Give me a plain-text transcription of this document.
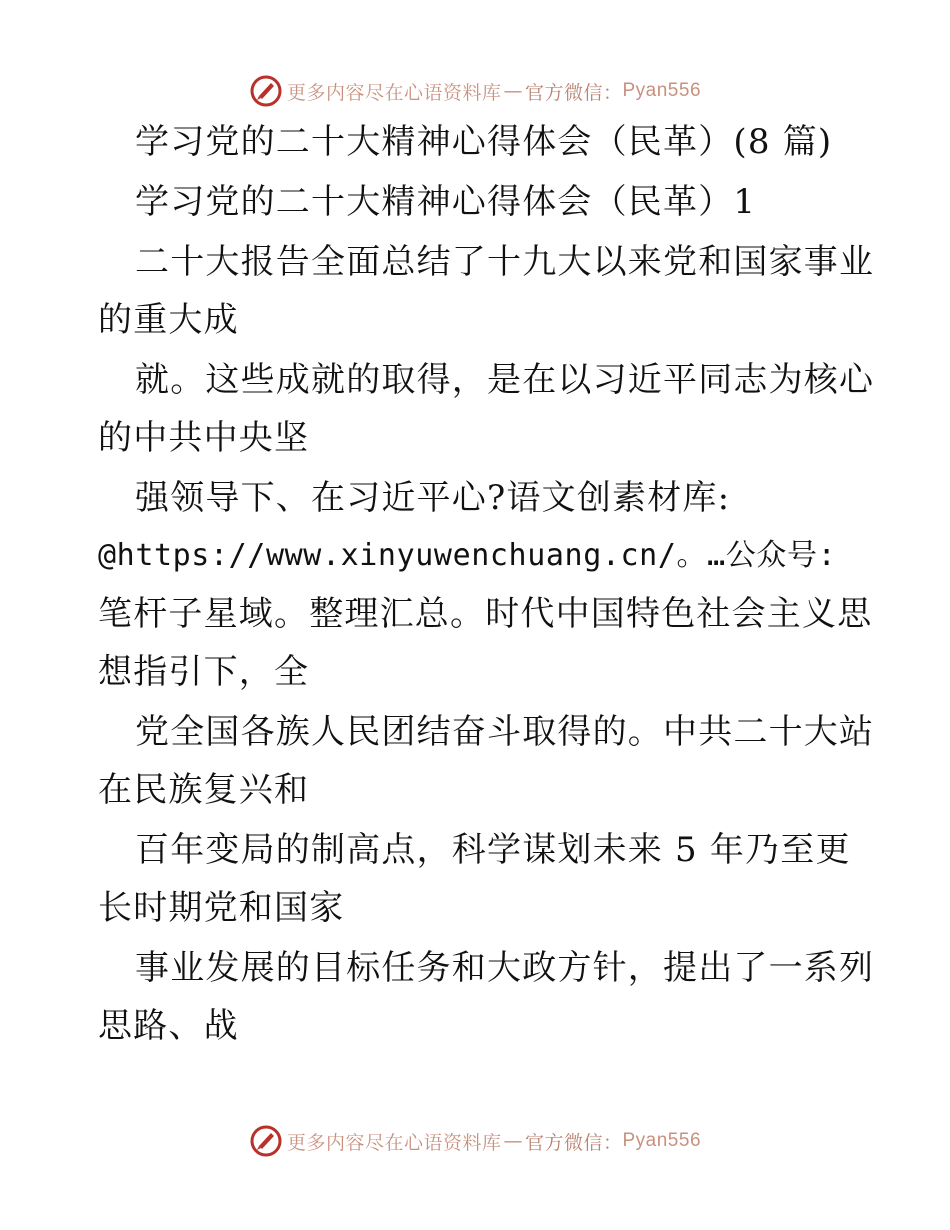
更多内容尽在心语资料库 — 官方微信： Pyan556
学习党的二十大精神心得体会（民革）(8 篇)
学习党的二十大精神心得体会（民革）1
二十大报告全面总结了十九大以来党和国家事业
的重大成
就。这些成就的取得，是在以习近平同志为核心
的中共中央坚
强领导下、在习近平心?语文创素材库:
@https://www.xinyuwenchuang.cn/。…公众号:
笔杆子星域。整理汇总。时代中国特色社会主义思
想指引下，全
党全国各族人民团结奋斗取得的。中共二十大站
在民族复兴和
百年变局的制高点，科学谋划未来 5 年乃至更
长时期党和国家
事业发展的目标任务和大政方针，提出了一系列
思路、战
更多内容尽在心语资料库 — 官方微信： Pyan556
